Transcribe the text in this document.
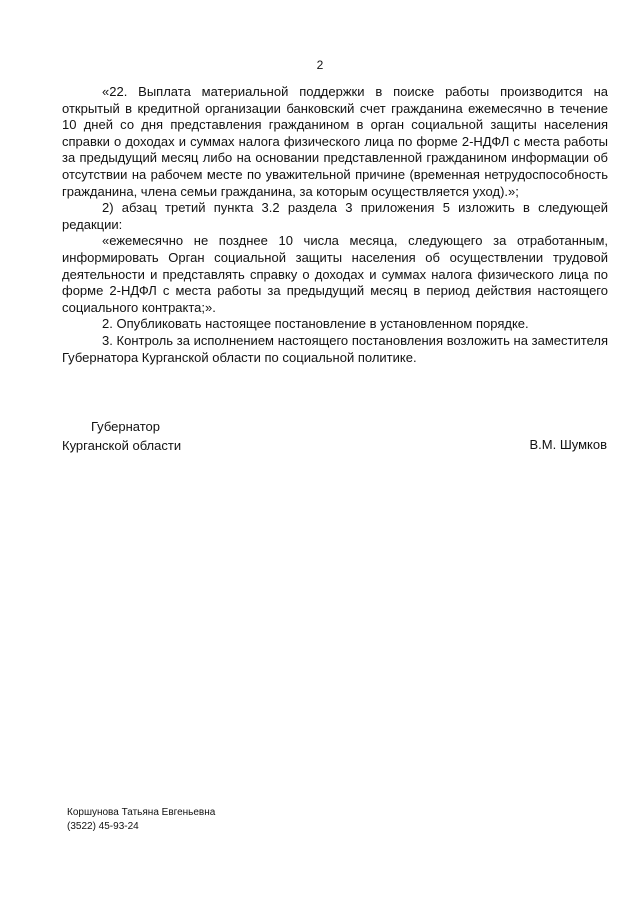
2

«22. Выплата материальной поддержки в поиске работы производится на открытый в кредитной организации банковский счет гражданина ежемесячно в течение 10 дней со дня представления гражданином в орган социальной защиты населения справки о доходах и суммах налога физического лица по форме 2-НДФЛ с места работы за предыдущий месяц либо на основании представленной гражданином информации об отсутствии на рабочем месте по уважительной причине (временная нетрудоспособность гражданина, члена семьи гражданина, за которым осуществляется уход).»;

2) абзац третий пункта 3.2 раздела 3 приложения 5 изложить в следующей редакции:

«ежемесячно не позднее 10 числа месяца, следующего за отработанным, информировать Орган социальной защиты населения об осуществлении трудовой деятельности и представлять справку о доходах и суммах налога физического лица по форме 2-НДФЛ с места работы за предыдущий месяц в период действия настоящего социального контракта;».

2. Опубликовать настоящее постановление в установленном порядке.

3. Контроль за исполнением настоящего постановления возложить на заместителя Губернатора Курганской области по социальной политике.

Губернатор
Курганской области	В.М. Шумков
Коршунова Татьяна Евгеньевна
(3522) 45-93-24
